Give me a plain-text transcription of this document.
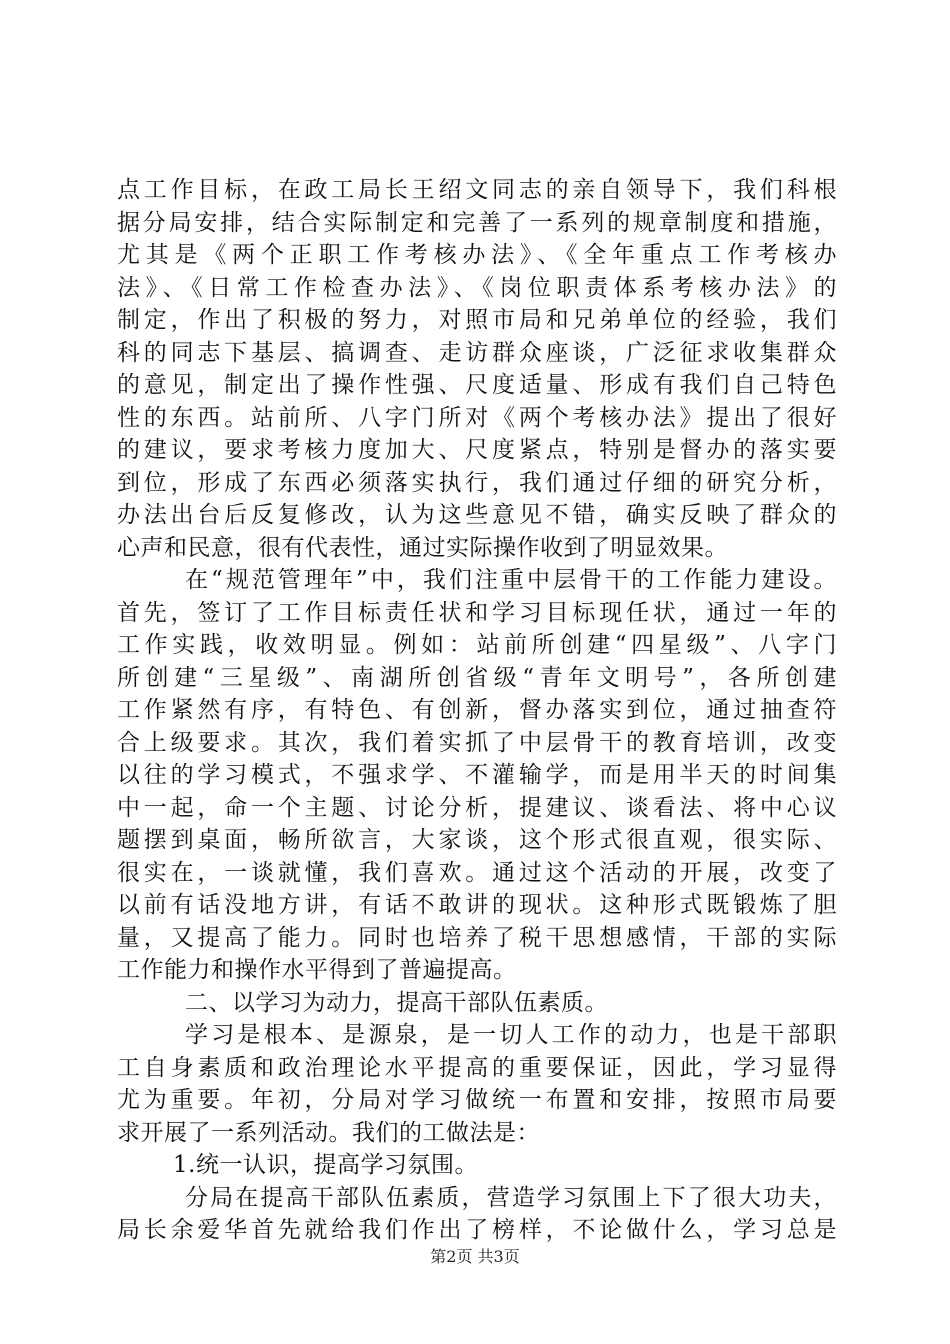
点工作目标，在政工局长王绍文同志的亲自领导下，我们科根
据分局安排，结合实际制定和完善了一系列的规章制度和措施，
尤其是《两个正职工作考核办法》、《全年重点工作考核办
法》、《日常工作检查办法》、《岗位职责体系考核办法》的
制定，作出了积极的努力，对照市局和兄弟单位的经验，我们
科的同志下基层、搞调查、走访群众座谈，广泛征求收集群众
的意见，制定出了操作性强、尺度适量、形成有我们自己特色
性的东西。站前所、八字门所对《两个考核办法》提出了很好
的建议，要求考核力度加大、尺度紧点，特别是督办的落实要
到位，形成了东西必须落实执行，我们通过仔细的研究分析，
办法出台后反复修改，认为这些意见不错，确实反映了群众的
心声和民意，很有代表性，通过实际操作收到了明显效果。
在“规范管理年”中，我们注重中层骨干的工作能力建设。
首先，签订了工作目标责任状和学习目标现任状，通过一年的
工作实践，收效明显。例如：站前所创建“四星级”、八字门
所创建“三星级”、南湖所创省级“青年文明号”，各所创建
工作紧然有序，有特色、有创新，督办落实到位，通过抽查符
合上级要求。其次，我们着实抓了中层骨干的教育培训，改变
以往的学习模式，不强求学、不灌输学，而是用半天的时间集
中一起，命一个主题、讨论分析，提建议、谈看法、将中心议
题摆到桌面，畅所欲言，大家谈，这个形式很直观，很实际、
很实在，一谈就懂，我们喜欢。通过这个活动的开展，改变了
以前有话没地方讲，有话不敢讲的现状。这种形式既锻炼了胆
量，又提高了能力。同时也培养了税干思想感情，干部的实际
工作能力和操作水平得到了普遍提高。
二、以学习为动力，提高干部队伍素质。
学习是根本、是源泉，是一切人工作的动力，也是干部职
工自身素质和政治理论水平提高的重要保证，因此，学习显得
尤为重要。年初，分局对学习做统一布置和安排，按照市局要
求开展了一系列活动。我们的工做法是：
1.统一认识，提高学习氛围。
分局在提高干部队伍素质，营造学习氛围上下了很大功夫，
局长余爱华首先就给我们作出了榜样，不论做什么，学习总是
第2页 共3页
